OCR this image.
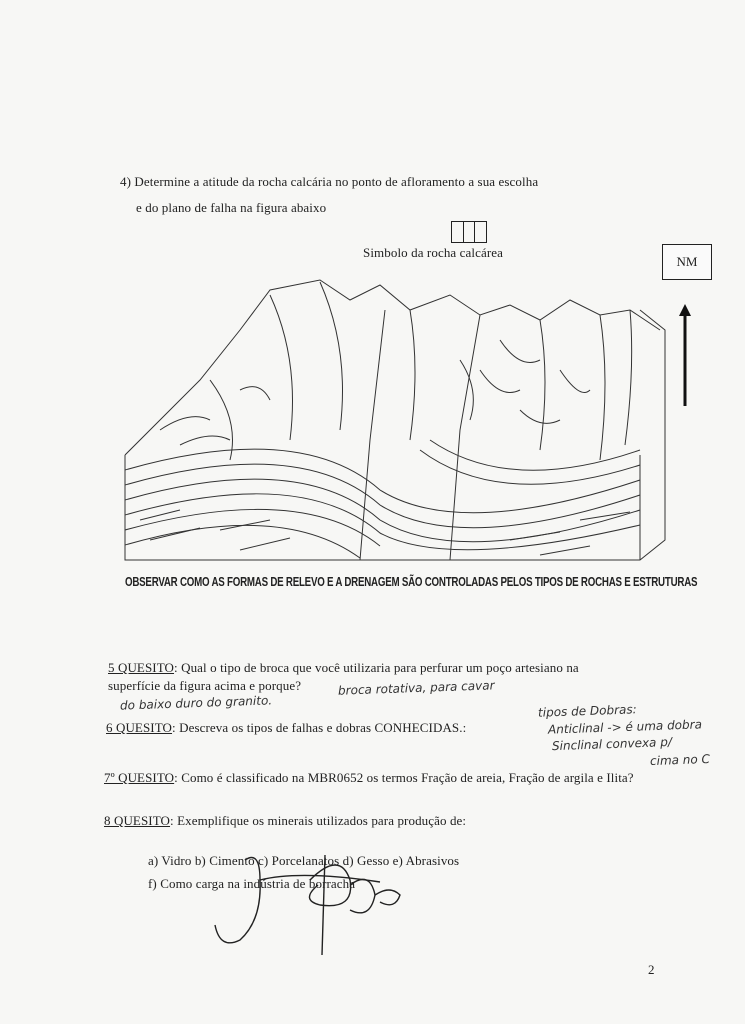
4) Determine a atitude da rocha calcária no ponto de afloramento a sua escolha
e do plano de falha na figura abaixo
Simbolo da rocha calcárea
NM
OBSERVAR COMO AS FORMAS DE RELEVO E A DRENAGEM SÃO CONTROLADAS PELOS TIPOS DE ROCHAS E ESTRUTURAS
5 QUESITO: Qual o tipo de broca que você utilizaria para perfurar um poço artesiano na
superfície da figura acima e porque?	broca rotativa, para cavar
do baixo duro do granito.
6 QUESITO: Descreva os tipos de falhas e dobras CONHECIDAS.:
tipos de Dobras:
Anticlinal -> é uma dobra
Sinclinal convexa p/
cima no C
7º QUESITO: Como é classificado na MBR0652 os termos Fração de areia, Fração de argila e Ilita?
8 QUESITO: Exemplifique os minerais utilizados para produção de:
a) Vidro b) Cimento c) Porcelanatos d) Gesso e) Abrasivos
f) Como carga na indústria de borracha
2
